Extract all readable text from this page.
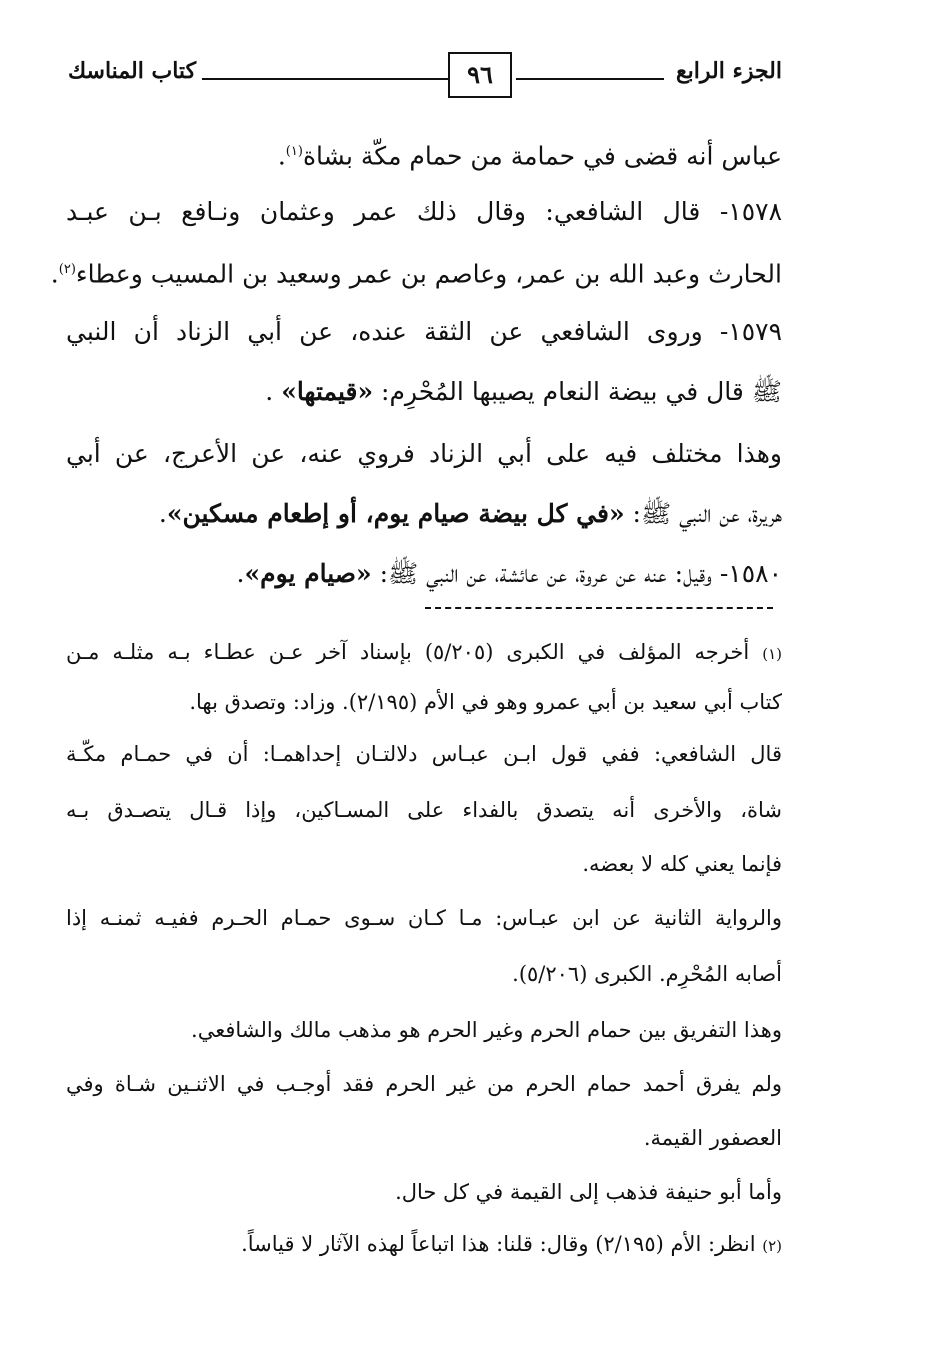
كتاب المناسك	٩٦	الجزء الرابع
عباس أنه قضى في حمامة من حمام مكّة بشاة$^{(١)}$.
١٥٧٨- قال الشافعي: وقال ذلك عمر وعثمان ونـافع بـن عبـد
الحارث وعبد الله بن عمر، وعاصم بن عمر وسعيد بن المسيب وعطاء$^{(٢)}$.
١٥٧٩- وروى الشافعي عن الثقة عنده، عن أبي الزناد أن النبي
ﷺ قال في بيضة النعام يصيبها المُحْرِم: «قيمتها» .
وهذا مختلف فيه على أبي الزناد فروي عنه، عن الأعرج، عن أبي
هريرة، عن النبي ﷺ: «في كل بيضة صيام يوم، أو إطعام مسكين».
١٥٨٠- وقيل: عنه عن عروة، عن عائشة، عن النبي ﷺ: «صيام يوم».
(١) أخرجه المؤلف في الكبرى (٥/٢٠٥) بإسناد آخر عـن عطـاء بـه مثلـه مـن
كتاب أبي سعيد بن أبي عمرو وهو في الأم (٢/١٩٥). وزاد: وتصدق بها.
قال الشافعي: ففي قول ابـن عبـاس دلالتـان إحداهمـا: أن في حمـام مكّـة
شاة، والأخرى أنه يتصدق بالفداء على المسـاكين، وإذا قـال يتصـدق بـه
فإنما يعني كله لا بعضه.
والرواية الثانية عن ابن عبـاس: مـا كـان سـوى حمـام الحـرم ففيـه ثمنـه إذا
أصابه المُحْرِم. الكبرى (٥/٢٠٦).
وهذا التفريق بين حمام الحرم وغير الحرم هو مذهب مالك والشافعي.
ولم يفرق أحمد حمام الحرم من غير الحرم فقد أوجـب في الاثنـين شـاة وفي
العصفور القيمة.
وأما أبو حنيفة فذهب إلى القيمة في كل حال.
(٢) انظر: الأم (٢/١٩٥) وقال: قلنا: هذا اتباعاً لهذه الآثار لا قياساً.
